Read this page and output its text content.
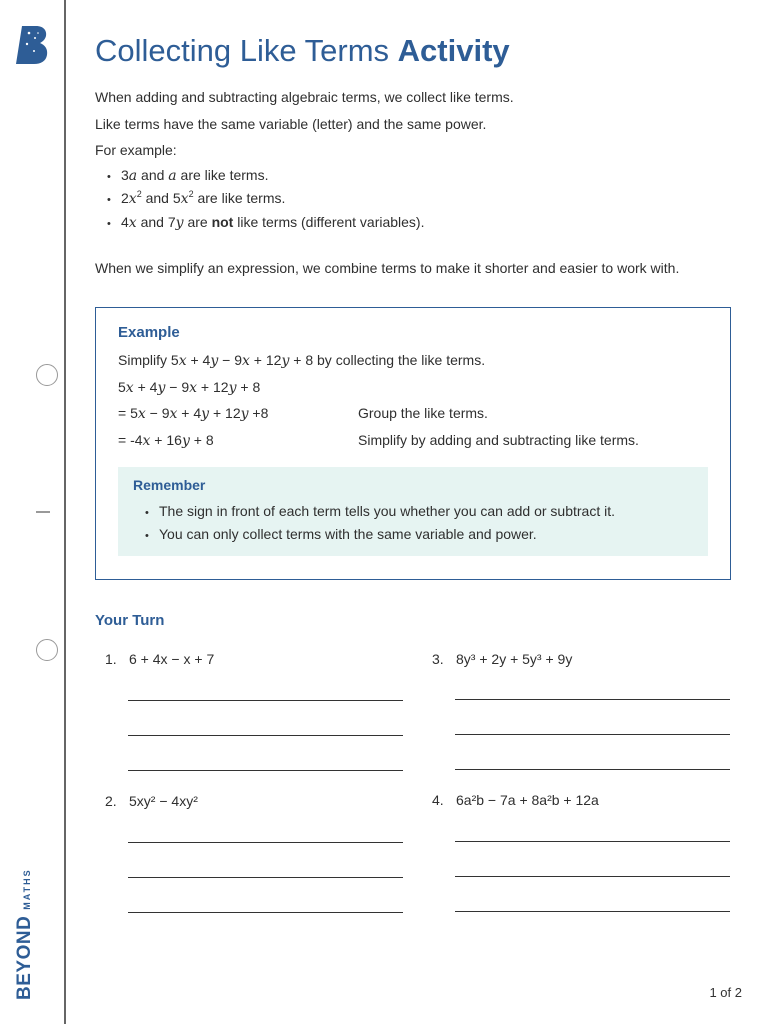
BEYOND
MATHS
Collecting Like Terms Activity
When adding and subtracting algebraic terms, we collect like terms.
Like terms have the same variable (letter) and the same power.
For example:
• 3a and a are like terms.
• $2x^2$ and $5x^2$ are like terms.
• 4x and 7y are not like terms (different variables).
When we simplify an expression, we combine terms to make it shorter and easier to work with.
Example
Simplify 5x + 4y − 9x + 12y + 8 by collecting the like terms.
5x + 4y − 9x + 12y + 8
= 5x − 9x + 4y + 12y +8	Group the like terms.
= -4x + 16y + 8	Simplify by adding and subtracting like terms.
Remember
• The sign in front of each term tells you whether you can add or subtract it.
• You can only collect terms with the same variable and power.
Your Turn
1. 6 + 4x − x + 7	3. 8y³ + 2y + 5y³ + 9y
2. 5xy² − 4xy²	4. 6a²b − 7a + 8a²b + 12a
1 of 2
